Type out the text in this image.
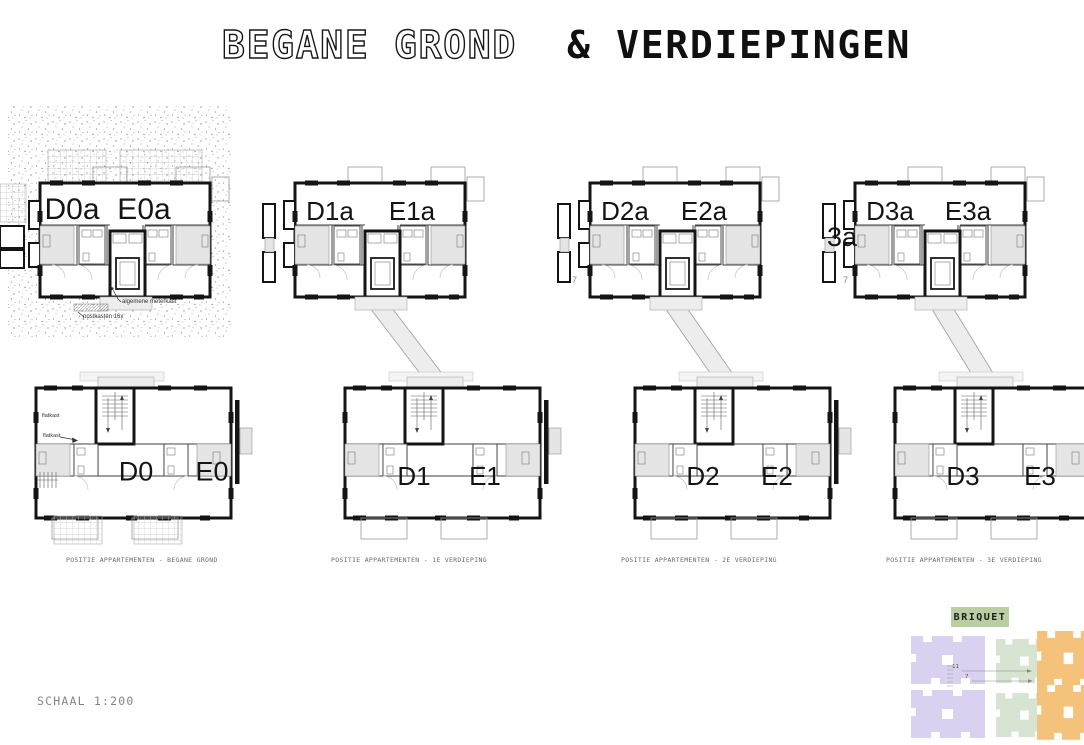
BEGANE GROND & VERDIEPINGEN
D0a E0a
D0 E0
D1a E1a
D1 E1
D2a E2a
D2 E2
D3a E3a
D3 E3
3a
7	7
POSITIE APPARTEMENTEN - BEGANE GROND	POSITIE APPARTEMENTEN - 1E VERDIEPING	POSITIE APPARTEMENTEN - 2E VERDIEPING	POSITIE APPARTEMENTEN - 3E VERDIEPING
algemene meterkast
postkasten 16x
flatkast
flatkast
BRIQUET
11
7
SCHAAL 1:200
